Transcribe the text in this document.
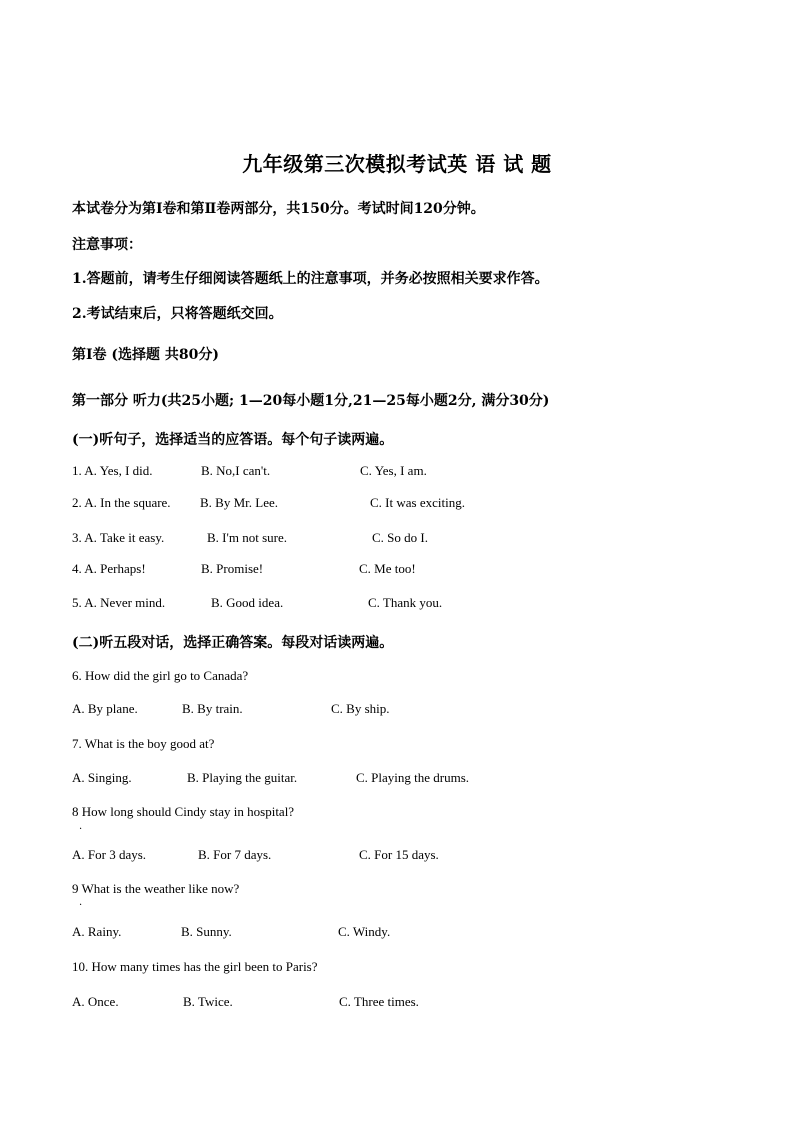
九年级第三次模拟考试英 语 试 题
本试卷分为第Ⅰ卷和第Ⅱ卷两部分，共150分。考试时间120分钟。
注意事项：
1.答题前，请考生仔细阅读答题纸上的注意事项，并务必按照相关要求作答。
2.考试结束后，只将答题纸交回。
第Ⅰ卷 (选择题 共80分)
第一部分 听力(共25小题; 1—20每小题1分,21—25每小题2分, 满分30分)
(一)听句子，选择适当的应答语。每个句子读两遍。
1. A. Yes, I did.	B. No,I can't.	C. Yes, I am.
2. A. In the square. B. By Mr. Lee.	C. It was exciting.
3. A. Take it easy.	B. I'm not sure.	C. So do I.
4. A. Perhaps!	B. Promise!	C. Me too!
5. A. Never mind.	B. Good idea.	C. Thank you.
(二)听五段对话，选择正确答案。每段对话读两遍。
6. How did the girl go to Canada?
A. By plane.	B. By train.	C. By ship.
7. What is the boy good at?
A. Singing.	B. Playing the guitar.	C. Playing the drums.
8 How long should Cindy stay in hospital?
.
A. For 3 days.	B. For 7 days.	C. For 15 days.
9 What is the weather like now?
.
A. Rainy.	B. Sunny.	C. Windy.
10. How many times has the girl been to Paris?
A. Once.	B. Twice.	C. Three times.
